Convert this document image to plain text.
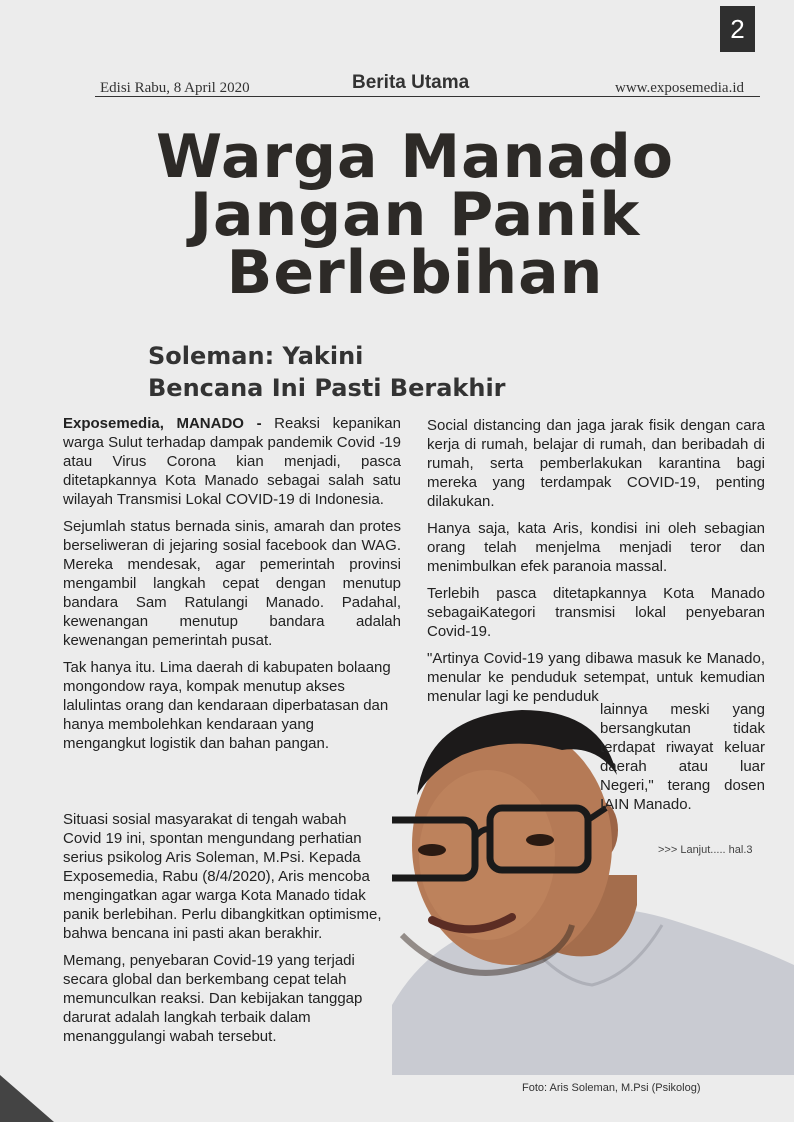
2
Edisi Rabu, 8 April 2020	Berita Utama	www.exposemedia.id
Warga Manado
Jangan Panik
Berlebihan
Soleman: Yakini
Bencana Ini Pasti Berakhir

Exposemedia, MANADO - Reaksi kepanikan warga Sulut terhadap dampak pandemik Covid -19 atau Virus Corona kian menjadi, pasca ditetapkannya Kota Manado sebagai salah satu wilayah Transmisi Lokal COVID-19 di Indonesia.

Sejumlah status bernada sinis, amarah dan protes berseliweran di jejaring sosial facebook dan WAG. Mereka mendesak, agar pemerintah provinsi mengambil langkah cepat dengan menutup bandara Sam Ratulangi Manado. Padahal, kewenangan menutup bandara adalah kewenangan pemerintah pusat.

Tak hanya itu. Lima daerah di kabupaten bolaang mongondow raya, kompak menutup akses lalulintas orang dan kendaraan diperbatasan dan hanya membolehkan kendaraan yang mengangkut logistik dan bahan pangan.

Situasi sosial masyarakat di tengah wabah Covid 19 ini, spontan mengundang perhatian serius psikolog Aris Soleman, M.Psi. Kepada Exposemedia, Rabu (8/4/2020), Aris mencoba mengingatkan agar warga Kota Manado tidak panik berlebihan. Perlu dibangkitkan optimisme, bahwa bencana ini pasti akan berakhir.

Memang, penyebaran Covid-19 yang terjadi secara global dan berkembang cepat telah memunculkan reaksi. Dan kebijakan tanggap darurat adalah langkah terbaik dalam menanggulangi wabah tersebut.

Social distancing dan jaga jarak fisik dengan cara kerja di rumah, belajar di rumah, dan beribadah di rumah, serta pemberlakukan karantina bagi mereka yang terdampak COVID-19, penting dilakukan.

Hanya saja, kata Aris, kondisi ini oleh sebagian orang telah menjelma menjadi teror dan menimbulkan efek paranoia massal.

Terlebih pasca ditetapkannya Kota Manado sebagaiKategori transmisi lokal penyebaran Covid-19.

"Artinya Covid-19 yang dibawa masuk ke Manado, menular ke penduduk setempat, untuk kemudian menular lagi ke penduduk

lainnya meski yang bersangkutan tidak terdapat riwayat keluar daerah atau luar Negeri," terang dosen IAIN Manado.

>>> Lanjut..... hal.3
Foto: Aris Soleman, M.Psi (Psikolog)
